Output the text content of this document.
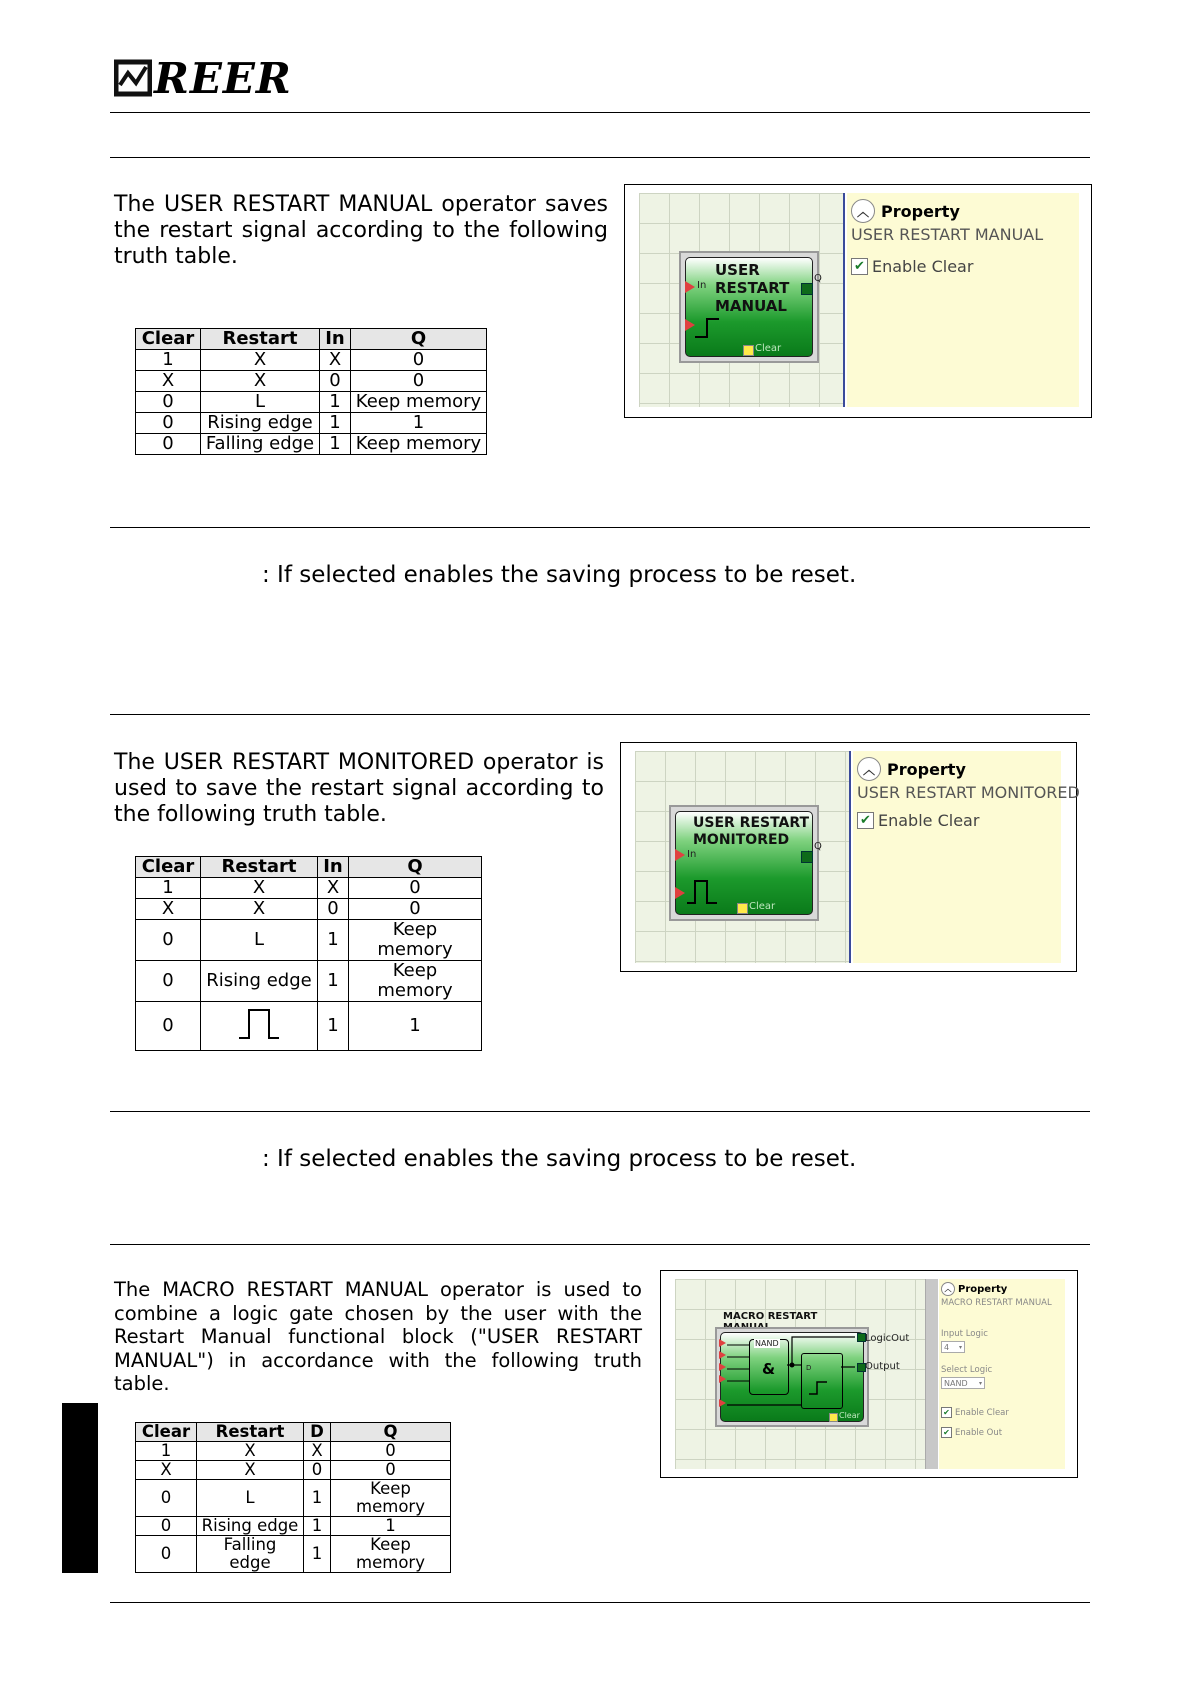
REER
The USER RESTART MANUAL operator saves the restart signal according to the following truth table.
Clear	Restart	In	Q
1	X	X	0
X	X	0	0
0	L	1	Keep memory
0	Rising edge	1	1
0	Falling edge	1	Keep memory
USER
RESTART
MANUAL
In
Q
Clear
︿ Property
USER RESTART MANUAL
✔ Enable Clear
: If selected enables the saving process to be reset.
The USER RESTART MONITORED operator is used to save the restart signal according to the following truth table.
Clear	Restart	In	Q
1	X	X	0
X	X	0	0
0	L	1	Keep memory
0	Rising edge	1	Keep memory
0		1	1
USER RESTART
MONITORED
In
Q
Clear
︿ Property
USER RESTART MONITORED
✔ Enable Clear
: If selected enables the saving process to be reset.
The MACRO RESTART MANUAL operator is used to combine a logic gate chosen by the user with the Restart Manual functional block ("USER RESTART MANUAL") in accordance with the following truth table.
Clear	Restart	D	Q
1	X	X	0
X	X	0	0
0	L	1	Keep memory
0	Rising edge	1	1
0	Falling edge	1	Keep memory
MACRO RESTART
NAND
&	D
Clear
LogicOut
Output
︿ Property
MACRO RESTART MANUAL
Input Logic
4 ▾
Select Logic
NAND ▾
✔ Enable Clear
✔ Enable Out
